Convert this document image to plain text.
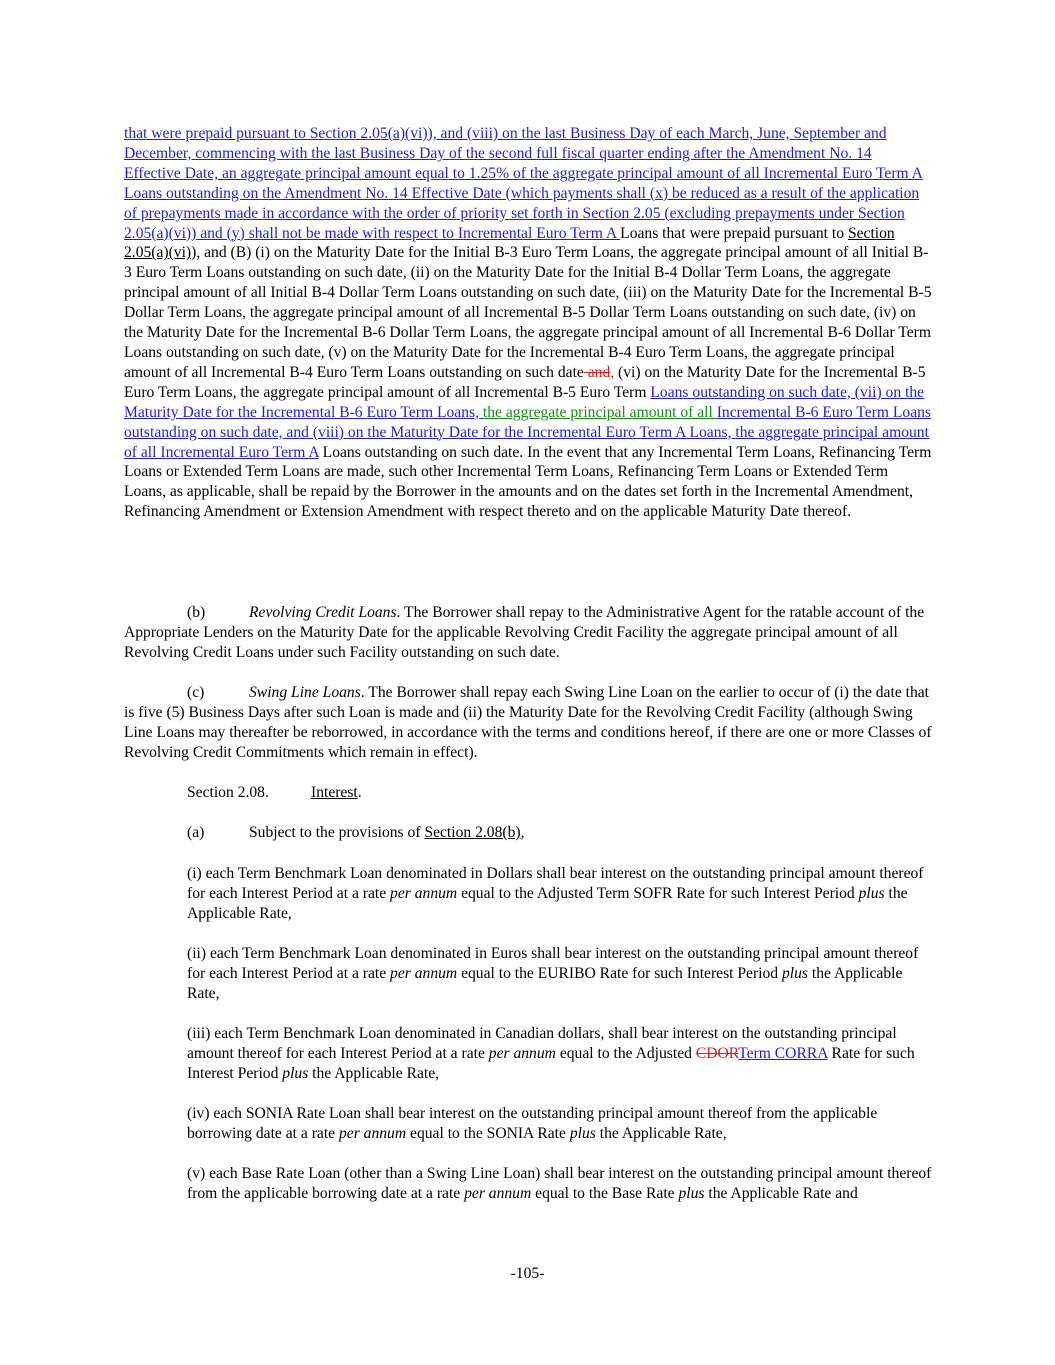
that were prepaid pursuant to Section 2.05(a)(vi)), and (viii) on the last Business Day of each March, June, September and December, commencing with the last Business Day of the second full fiscal quarter ending after the Amendment No. 14 Effective Date, an aggregate principal amount equal to 1.25% of the aggregate principal amount of all Incremental Euro Term A Loans outstanding on the Amendment No. 14 Effective Date (which payments shall (x) be reduced as a result of the application of prepayments made in accordance with the order of priority set forth in Section 2.05 (excluding prepayments under Section 2.05(a)(vi)) and (y) shall not be made with respect to Incremental Euro Term A Loans that were prepaid pursuant to Section 2.05(a)(vi)), and (B) (i) on the Maturity Date for the Initial B-3 Euro Term Loans, the aggregate principal amount of all Initial B-3 Euro Term Loans outstanding on such date, (ii) on the Maturity Date for the Initial B-4 Dollar Term Loans, the aggregate principal amount of all Initial B-4 Dollar Term Loans outstanding on such date, (iii) on the Maturity Date for the Incremental B-5 Dollar Term Loans, the aggregate principal amount of all Incremental B-5 Dollar Term Loans outstanding on such date, (iv) on the Maturity Date for the Incremental B-6 Dollar Term Loans, the aggregate principal amount of all Incremental B-6 Dollar Term Loans outstanding on such date, (v) on the Maturity Date for the Incremental B-4 Euro Term Loans, the aggregate principal amount of all Incremental B-4 Euro Term Loans outstanding on such date and, (vi) on the Maturity Date for the Incremental B-5 Euro Term Loans, the aggregate principal amount of all Incremental B-5 Euro Term Loans outstanding on such date, (vii) on the Maturity Date for the Incremental B-6 Euro Term Loans, the aggregate principal amount of all Incremental B-6 Euro Term Loans outstanding on such date, and (viii) on the Maturity Date for the Incremental Euro Term A Loans, the aggregate principal amount of all Incremental Euro Term A Loans outstanding on such date. In the event that any Incremental Term Loans, Refinancing Term Loans or Extended Term Loans are made, such other Incremental Term Loans, Refinancing Term Loans or Extended Term Loans, as applicable, shall be repaid by the Borrower in the amounts and on the dates set forth in the Incremental Amendment, Refinancing Amendment or Extension Amendment with respect thereto and on the applicable Maturity Date thereof.

(b)	Revolving Credit Loans. The Borrower shall repay to the Administrative Agent for the ratable account of the Appropriate Lenders on the Maturity Date for the applicable Revolving Credit Facility the aggregate principal amount of all Revolving Credit Loans under such Facility outstanding on such date.

(c)	Swing Line Loans. The Borrower shall repay each Swing Line Loan on the earlier to occur of (i) the date that is five (5) Business Days after such Loan is made and (ii) the Maturity Date for the Revolving Credit Facility (although Swing Line Loans may thereafter be reborrowed, in accordance with the terms and conditions hereof, if there are one or more Classes of Revolving Credit Commitments which remain in effect).

Section 2.08.	Interest.

(a)	Subject to the provisions of Section 2.08(b),

(i) each Term Benchmark Loan denominated in Dollars shall bear interest on the outstanding principal amount thereof for each Interest Period at a rate per annum equal to the Adjusted Term SOFR Rate for such Interest Period plus the Applicable Rate,

(ii) each Term Benchmark Loan denominated in Euros shall bear interest on the outstanding principal amount thereof for each Interest Period at a rate per annum equal to the EURIBO Rate for such Interest Period plus the Applicable Rate,

(iii) each Term Benchmark Loan denominated in Canadian dollars, shall bear interest on the outstanding principal amount thereof for each Interest Period at a rate per annum equal to the Adjusted CDORTerm CORRA Rate for such Interest Period plus the Applicable Rate,

(iv) each SONIA Rate Loan shall bear interest on the outstanding principal amount thereof from the applicable borrowing date at a rate per annum equal to the SONIA Rate plus the Applicable Rate,

(v) each Base Rate Loan (other than a Swing Line Loan) shall bear interest on the outstanding principal amount thereof from the applicable borrowing date at a rate per annum equal to the Base Rate plus the Applicable Rate and

-105-
